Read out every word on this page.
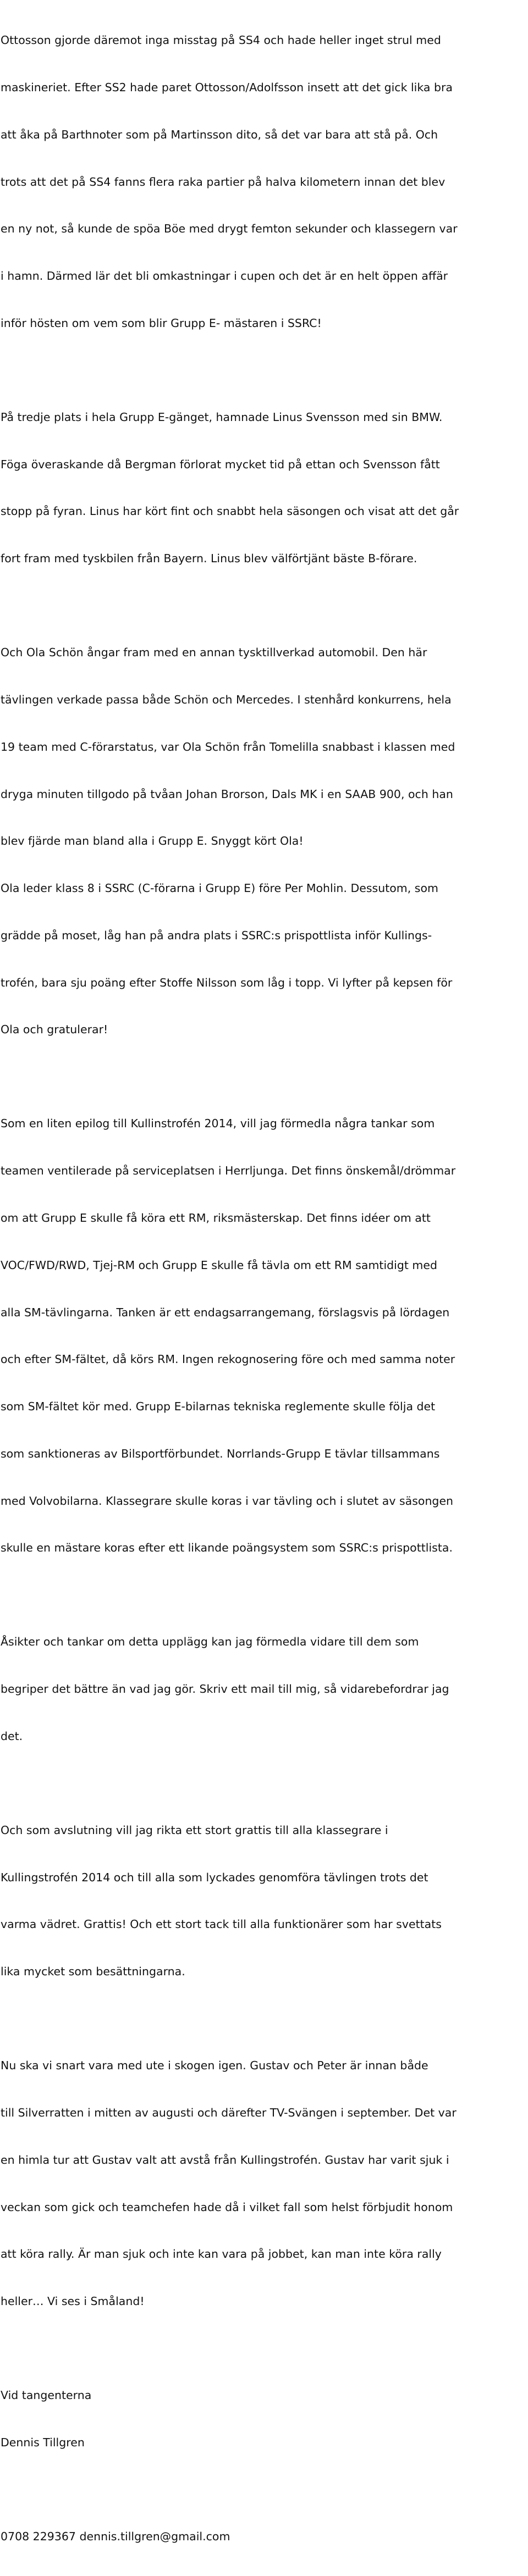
Ottosson gjorde däremot inga misstag på SS4 och hade heller inget strul med

maskineriet. Efter SS2 hade paret Ottosson/Adolfsson insett att det gick lika bra

att åka på Barthnoter som på Martinsson dito, så det var bara att stå på. Och

trots att det på SS4 fanns flera raka partier på halva kilometern innan det blev

en ny not, så kunde de spöa Böe med drygt femton sekunder och klassegern var

i hamn. Därmed lär det bli omkastningar i cupen och det är en helt öppen affär

inför hösten om vem som blir Grupp E- mästaren i SSRC!

På tredje plats i hela Grupp E-gänget, hamnade Linus Svensson med sin BMW.

Föga överaskande då Bergman förlorat mycket tid på ettan och Svensson fått

stopp på fyran. Linus har kört fint och snabbt hela säsongen och visat att det går

fort fram med tyskbilen från Bayern. Linus blev välförtjänt bäste B-förare.

Och Ola Schön ångar fram med en annan tysktillverkad automobil. Den här

tävlingen verkade passa både Schön och Mercedes. I stenhård konkurrens, hela

19 team med C-förarstatus, var Ola Schön från Tomelilla snabbast i klassen med

dryga minuten tillgodo på tvåan Johan Brorson, Dals MK i en SAAB 900, och han

blev fjärde man bland alla i Grupp E. Snyggt kört Ola!

Ola leder klass 8 i SSRC (C-förarna i Grupp E) före Per Mohlin. Dessutom, som

grädde på moset, låg han på andra plats i SSRC:s prispottlista inför Kullings-

trofén, bara sju poäng efter Stoffe Nilsson som låg i topp. Vi lyfter på kepsen för

Ola och gratulerar!

Som en liten epilog till Kullinstrofén 2014, vill jag förmedla några tankar som

teamen ventilerade på serviceplatsen i Herrljunga. Det finns önskemål/drömmar

om att Grupp E skulle få köra ett RM, riksmästerskap. Det finns idéer om att

VOC/FWD/RWD, Tjej-RM och Grupp E skulle få tävla om ett RM samtidigt med

alla SM-tävlingarna. Tanken är ett endagsarrangemang, förslagsvis på lördagen

och efter SM-fältet, då körs RM. Ingen rekognosering före och med samma noter

som SM-fältet kör med. Grupp E-bilarnas tekniska reglemente skulle följa det

som sanktioneras av Bilsportförbundet. Norrlands-Grupp E tävlar tillsammans

med Volvobilarna. Klassegrare skulle koras i var tävling och i slutet av säsongen

skulle en mästare koras efter ett likande poängsystem som SSRC:s prispottlista.

Åsikter och tankar om detta upplägg kan jag förmedla vidare till dem som

begriper det bättre än vad jag gör. Skriv ett mail till mig, så vidarebefordrar jag

det.

Och som avslutning vill jag rikta ett stort grattis till alla klassegrare i

Kullingstrofén 2014 och till alla som lyckades genomföra tävlingen trots det

varma vädret. Grattis! Och ett stort tack till alla funktionärer som har svettats

lika mycket som besättningarna.

Nu ska vi snart vara med ute i skogen igen. Gustav och Peter är innan både

till Silverratten i mitten av augusti och därefter TV-Svängen i september. Det var

en himla tur att Gustav valt att avstå från Kullingstrofén. Gustav har varit sjuk i

veckan som gick och teamchefen hade då i vilket fall som helst förbjudit honom

att köra rally. Är man sjuk och inte kan vara på jobbet, kan man inte köra rally

heller… Vi ses i Småland!

Vid tangenterna

Dennis Tillgren

0708 229367 dennis.tillgren@gmail.com
